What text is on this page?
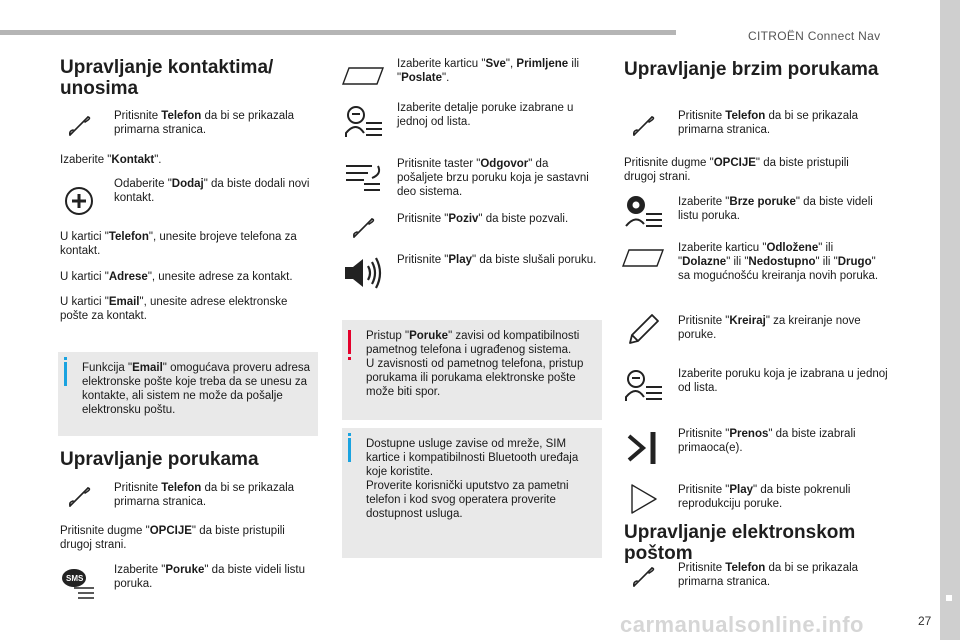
CITROËN Connect Nav
27
carmanualsonline.info
Upravljanje kontaktima/ unosima
Pritisnite Telefon da bi se prikazala primarna stranica.
Izaberite "Kontakt".
Odaberite "Dodaj" da biste dodali novi kontakt.
U kartici "Telefon", unesite brojeve telefona za kontakt.
U kartici "Adrese", unesite adrese za kontakt.
U kartici "Email", unesite adrese elektronske pošte za kontakt.
Funkcija "Email" omogućava proveru adresa elektronske pošte koje treba da se unesu za kontakte, ali sistem ne može da pošalje elektronsku poštu.
Upravljanje porukama
Pritisnite Telefon da bi se prikazala primarna stranica.
Pritisnite dugme "OPCIJE" da biste pristupili drugoj strani.
SMS
Izaberite "Poruke" da biste videli listu poruka.
Izaberite karticu "Sve", Primljene ili "Poslate".
Izaberite detalje poruke izabrane u jednoj od lista.
Pritisnite taster "Odgovor" da pošaljete brzu poruku koja je sastavni deo sistema.
Pritisnite "Poziv" da biste pozvali.
Pritisnite "Play" da biste slušali poruku.
Pristup "Poruke" zavisi od kompatibilnosti pametnog telefona i ugrađenog sistema.
U zavisnosti od pametnog telefona, pristup porukama ili porukama elektronske pošte može biti spor.
Dostupne usluge zavise od mreže, SIM kartice i kompatibilnosti Bluetooth uređaja koje koristite.
Proverite korisnički uputstvo za pametni telefon i kod svog operatera proverite dostupnost usluga.
Upravljanje brzim porukama
Pritisnite Telefon da bi se prikazala primarna stranica.
Pritisnite dugme "OPCIJE" da biste pristupili drugoj strani.
Izaberite "Brze poruke" da biste videli listu poruka.
Izaberite karticu "Odložene" ili "Dolazne" ili "Nedostupno" ili "Drugo" sa mogućnošću kreiranja novih poruka.
Pritisnite "Kreiraj" za kreiranje nove poruke.
Izaberite poruku koja je izabrana u jednoj od lista.
Pritisnite "Prenos" da biste izabrali primaoca(e).
Pritisnite "Play" da biste pokrenuli reprodukciju poruke.
Upravljanje elektronskom poštom
Pritisnite Telefon da bi se prikazala primarna stranica.
